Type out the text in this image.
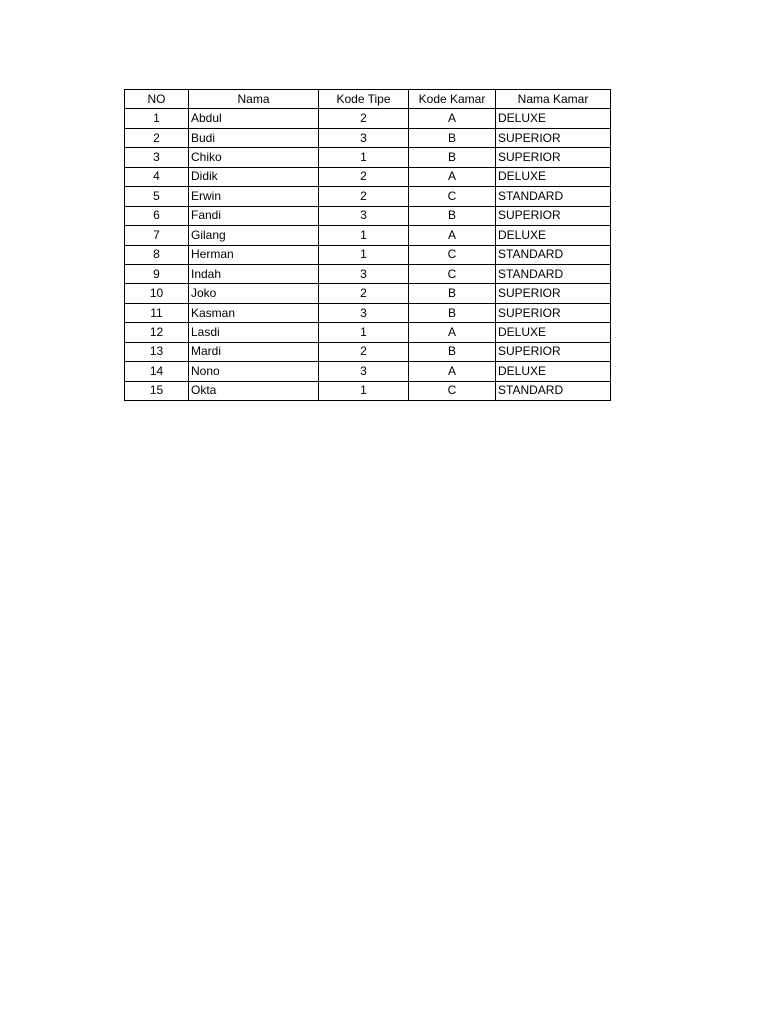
NO	Nama	Kode Tipe	Kode Kamar	Nama Kamar
1	Abdul	2	A	DELUXE
2	Budi	3	B	SUPERIOR
3	Chiko	1	B	SUPERIOR
4	Didik	2	A	DELUXE
5	Erwin	2	C	STANDARD
6	Fandi	3	B	SUPERIOR
7	Gilang	1	A	DELUXE
8	Herman	1	C	STANDARD
9	Indah	3	C	STANDARD
10	Joko	2	B	SUPERIOR
11	Kasman	3	B	SUPERIOR
12	Lasdi	1	A	DELUXE
13	Mardi	2	B	SUPERIOR
14	Nono	3	A	DELUXE
15	Okta	1	C	STANDARD
